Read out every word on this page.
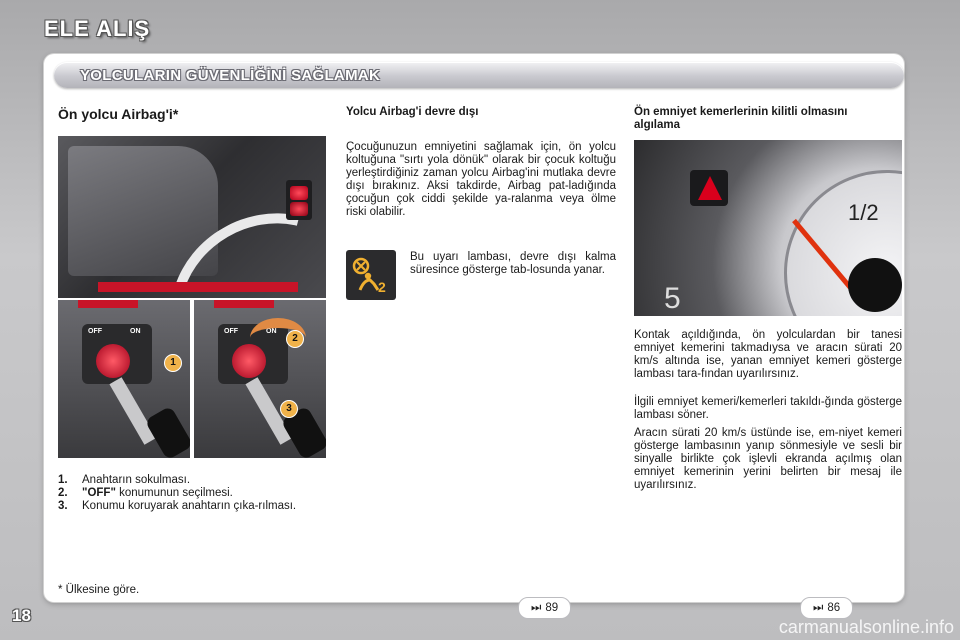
ELE ALIŞ

YOLCULARIN GÜVENLİĞİNİ SAĞLAMAK

Ön yolcu Airbag'i*
OFF	ON
1
OFF	ON
2
3
1.	Anahtarın sokulması.
2.	"OFF" konumunun seçilmesi.
3.	Konumu koruyarak anahtarın çıka-rılması.

* Ülkesine göre.

Yolcu Airbag'i devre dışı

Çocuğunuzun emniyetini sağlamak için, ön yolcu koltuğuna "sırtı yola dönük" olarak bir çocuk koltuğu yerleştirdiğiniz zaman yolcu Airbag'ini mutlaka devre dışı bırakınız. Aksi takdirde, Airbag pat-ladığında çocuğun çok ciddi şekilde ya-ralanma veya ölme riski olabilir.

2

Bu uyarı lambası, devre dışı kalma süresince gösterge tab-losunda yanar.

Ön emniyet kemerlerinin kilitli olmasını algılama
1/2
5

Kontak açıldığında, ön yolculardan bir tanesi emniyet kemerini takmadıysa ve aracın sürati 20 km/s altında ise, yanan emniyet kemeri gösterge lambası tara-fından uyarılırsınız.

İlgili emniyet kemeri/kemerleri takıldı-ğında gösterge lambası söner.

Aracın sürati 20 km/s üstünde ise, em-niyet kemeri gösterge lambasının yanıp sönmesiyle ve sesli bir sinyalle birlikte çok işlevli ekranda açılmış olan emniyet kemerinin yerini belirten bir mesaj ile uyarılırsınız.

18	⏭ 89	⏭ 86

carmanualsonline.info
